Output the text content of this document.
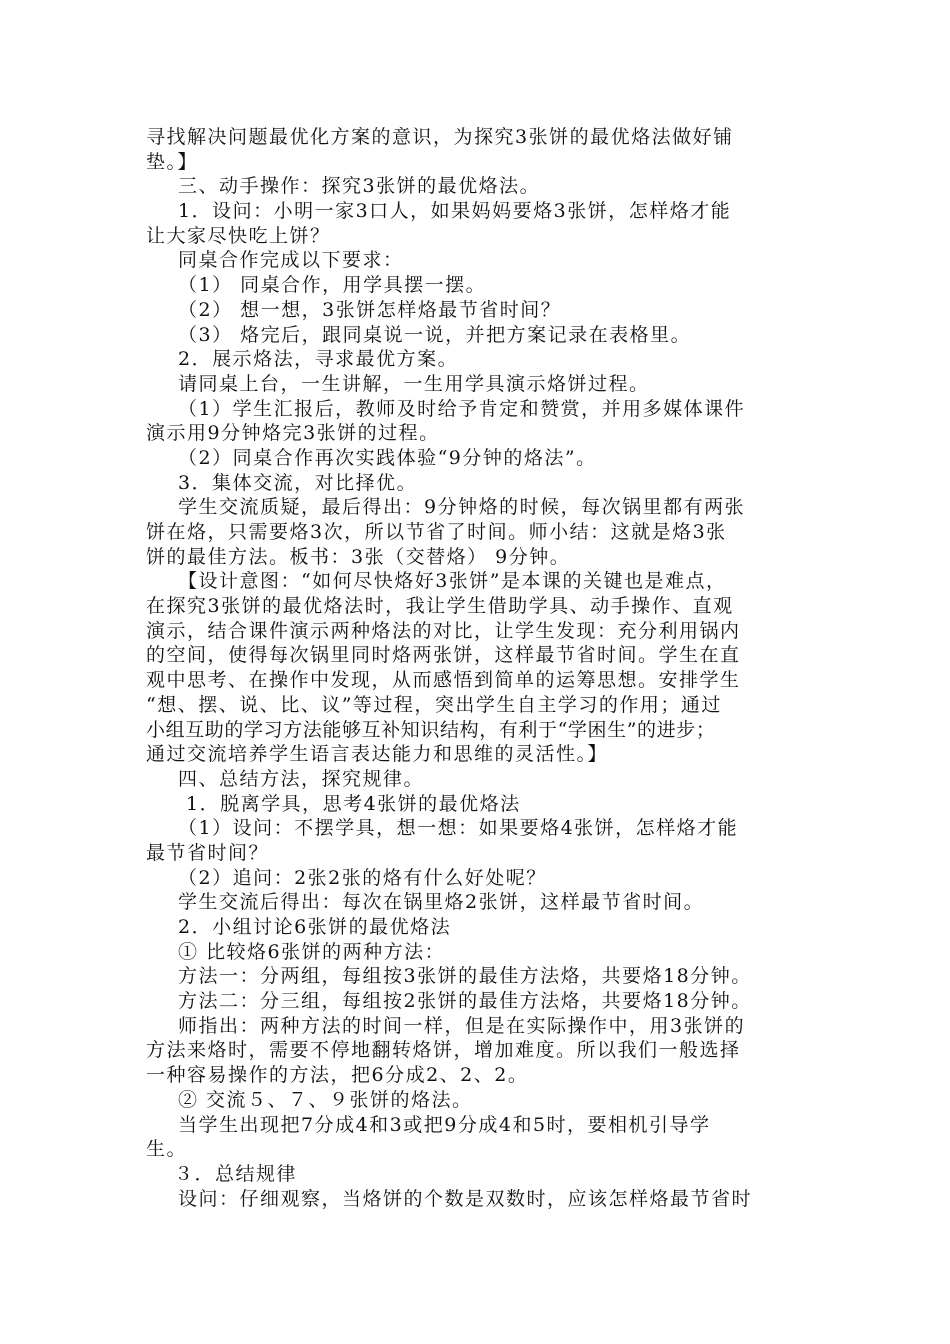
寻找解决问题最优化方案的意识，为探究3张饼的最优烙法做好铺
垫。】
三、动手操作：探究3张饼的最优烙法。
1．设问：小明一家3口人，如果妈妈要烙3张饼，怎样烙才能
让大家尽快吃上饼？
同桌合作完成以下要求：
（1） 同桌合作，用学具摆一摆。
（2） 想一想，3张饼怎样烙最节省时间？
（3） 烙完后，跟同桌说一说，并把方案记录在表格里。
2．展示烙法，寻求最优方案。
请同桌上台，一生讲解，一生用学具演示烙饼过程。
（1）学生汇报后，教师及时给予肯定和赞赏，并用多媒体课件
演示用9分钟烙完3张饼的过程。
（2）同桌合作再次实践体验“9分钟的烙法”。
3．集体交流，对比择优。
学生交流质疑，最后得出：9分钟烙的时候，每次锅里都有两张
饼在烙，只需要烙3次，所以节省了时间。师小结：这就是烙3张
饼的最佳方法。板书：3张（交替烙） 9分钟。
【设计意图：“如何尽快烙好3张饼”是本课的关键也是难点，
在探究3张饼的最优烙法时，我让学生借助学具、动手操作、直观
演示，结合课件演示两种烙法的对比，让学生发现：充分利用锅内
的空间，使得每次锅里同时烙两张饼，这样最节省时间。学生在直
观中思考、在操作中发现，从而感悟到简单的运筹思想。安排学生
“想、摆、说、比、议”等过程，突出学生自主学习的作用；通过
小组互助的学习方法能够互补知识结构，有利于“学困生”的进步；
通过交流培养学生语言表达能力和思维的灵活性。】
四、总结方法，探究规律。
1．脱离学具，思考4张饼的最优烙法
（1）设问：不摆学具，想一想：如果要烙4张饼，怎样烙才能
最节省时间？
（2）追问：2张2张的烙有什么好处呢？
学生交流后得出：每次在锅里烙2张饼，这样最节省时间。
2．小组讨论6张饼的最优烙法
① 比较烙6张饼的两种方法：
方法一：分两组，每组按3张饼的最佳方法烙，共要烙18分钟。
方法二：分三组，每组按2张饼的最佳方法烙，共要烙18分钟。
师指出：两种方法的时间一样，但是在实际操作中，用3张饼的
方法来烙时，需要不停地翻转烙饼，增加难度。所以我们一般选择
一种容易操作的方法，把6分成2、2、2。
② 交流５、７、９张饼的烙法。
当学生出现把7分成4和3或把9分成4和5时，要相机引导学
生。
３．总结规律
设问：仔细观察，当烙饼的个数是双数时，应该怎样烙最节省时
